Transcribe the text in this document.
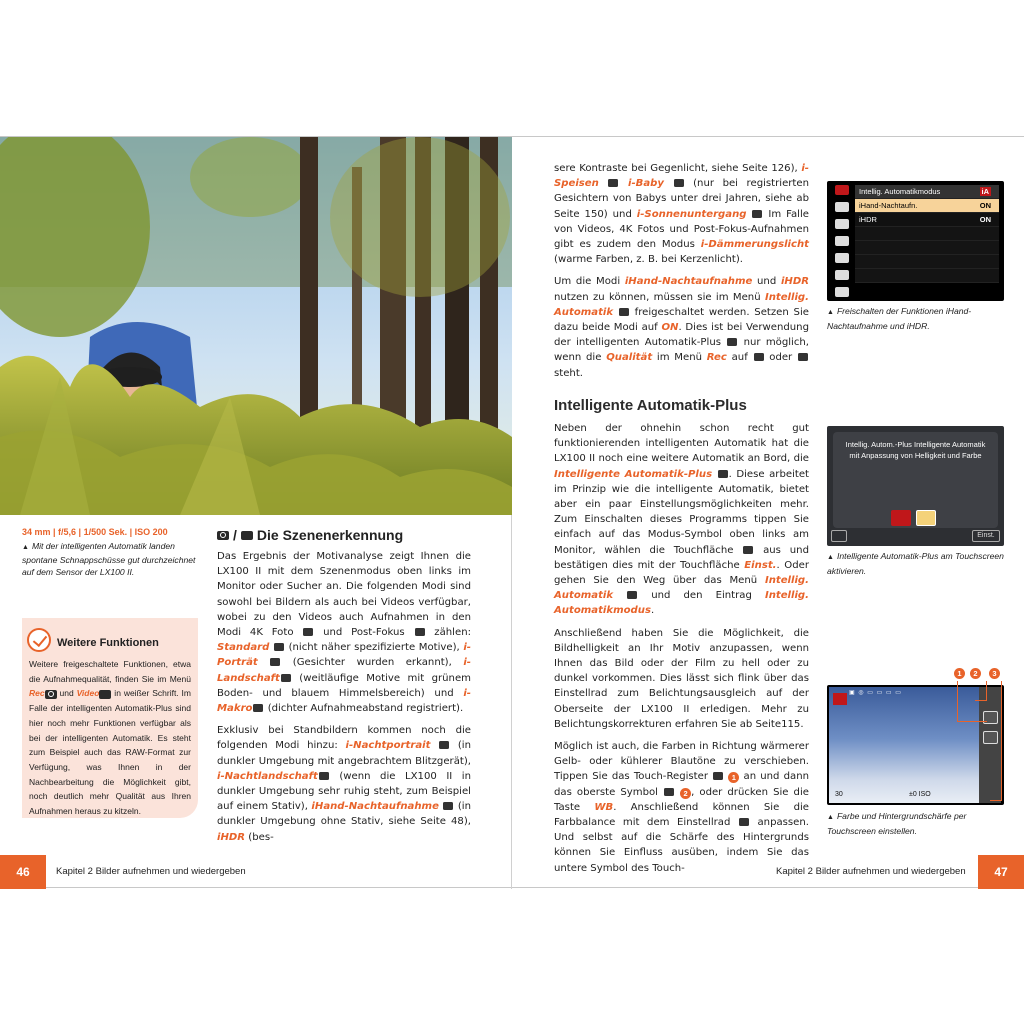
34 mm | f/5,6 | 1/500 Sek. | ISO 200
▲ Mit der intelligenten Automatik landen spontane Schnappschüsse gut durchzeichnet auf dem Sensor der LX100 II.
Weitere Funktionen
Weitere freigeschaltete Funktionen, etwa die Aufnahmequalität, finden Sie im Menü Rec und Video in weißer Schrift. Im Falle der intelligenten Automatik-Plus sind hier noch mehr Funktionen verfügbar als bei der intelligenten Automatik. Es steht zum Beispiel auch das RAW-Format zur Verfügung, was Ihnen in der Nachbearbeitung die Möglichkeit gibt, noch deutlich mehr Qualität aus Ihren Aufnahmen heraus zu kitzeln.
/ Die Szenenerkennung

Das Ergebnis der Motivanalyse zeigt Ihnen die LX100 II mit dem Szenenmodus oben links im Monitor oder Sucher an. Die folgenden Modi sind sowohl bei Bildern als auch bei Videos verfügbar, wobei zu den Videos auch Aufnahmen in den Modi 4K Foto  und Post-Fokus  zählen: Standard  (nicht näher spezifizierte Motive), i-Porträt  (Gesichter wurden erkannt), i-Landschaft (weitläufige Motive mit grünem Boden- und blauem Himmelsbereich) und i-Makro (dichter Aufnahmeabstand registriert).

Exklusiv bei Standbildern kommen noch die folgenden Modi hinzu: i-Nachtportrait  (in dunkler Umgebung mit angebrachtem Blitzgerät), i-Nachtlandschaft (wenn die LX100 II in dunkler Umgebung sehr ruhig steht, zum Beispiel auf einem Stativ), iHand-Nachtaufnahme  (in dunkler Umgebung ohne Stativ, siehe Seite 48), iHDR (bes-

46	Kapitel 2 Bilder aufnehmen und wiedergeben

sere Kontraste bei Gegenlicht, siehe Seite 126), i-Speisen	i-Baby  (nur bei registrierten Gesichtern von Babys unter drei Jahren, siehe ab Seite 150) und i-Sonnenuntergang  Im Falle von Videos, 4K Fotos und Post-Fokus-Aufnahmen gibt es zudem den Modus i-Dämmerungslicht (warme Farben, z. B. bei Kerzenlicht).

Um die Modi iHand-Nachtaufnahme und iHDR nutzen zu können, müssen sie im Menü Intellig. Automatik  freigeschaltet werden. Setzen Sie dazu beide Modi auf ON. Dies ist bei Verwendung der intelligenten Automatik-Plus  nur möglich, wenn die Qualität im Menü Rec auf  oder  steht.

Intelligente Automatik-Plus

Neben der ohnehin schon recht gut funktionierenden intelligenten Automatik hat die LX100 II noch eine weitere Automatik an Bord, die Intelligente Automatik-Plus . Diese arbeitet im Prinzip wie die intelligente Automatik, bietet aber ein paar Einstellungsmöglichkeiten mehr. Zum Einschalten dieses Programms tippen Sie einfach auf das Modus-Symbol oben links am Monitor, wählen die Touchfläche  aus und bestätigen dies mit der Touchfläche Einst.. Oder gehen Sie den Weg über das Menü Intellig. Automatik  und den Eintrag Intellig. Automatikmodus.

Anschließend haben Sie die Möglichkeit, die Bildhelligkeit an Ihr Motiv anzupassen, wenn Ihnen das Bild oder der Film zu hell oder zu dunkel vorkommen. Dies lässt sich flink über das Einstellrad zum Belichtungsausgleich auf der Oberseite der LX100 II erledigen. Mehr zu Belichtungskorrekturen erfahren Sie ab Seite115.

Möglich ist auch, die Farben in Richtung wärmerer Gelb- oder kühlerer Blautöne zu verschieben. Tippen Sie das Touch-Register	1 an und dann das oberste Symbol	2 , oder drücken Sie die Taste WB. Anschließend können Sie die Farbbalance mit dem Einstellrad  anpassen. Und selbst auf die Schärfe des Hintergrunds können Sie Einfluss ausüben, indem Sie das untere Symbol des Touch-

Intellig. Automatikmodus	iA
iHand-Nachtaufn.	ON
iHDR	ON
▲ Freischalten der Funktionen iHand-Nachtaufnahme und iHDR.
Intellig. Autom.-Plus Intelligente Automatik mit Anpassung von Helligkeit und Farbe
Einst.
▲ Intelligente Automatik-Plus am Touchscreen aktivieren.
1	2	3
▣ ◎ ▭ ▭ ▭ ▭
30	±0 ISO
▲ Farbe und Hintergrundschärfe per Touchscreen einstellen.
Kapitel 2 Bilder aufnehmen und wiedergeben	47
